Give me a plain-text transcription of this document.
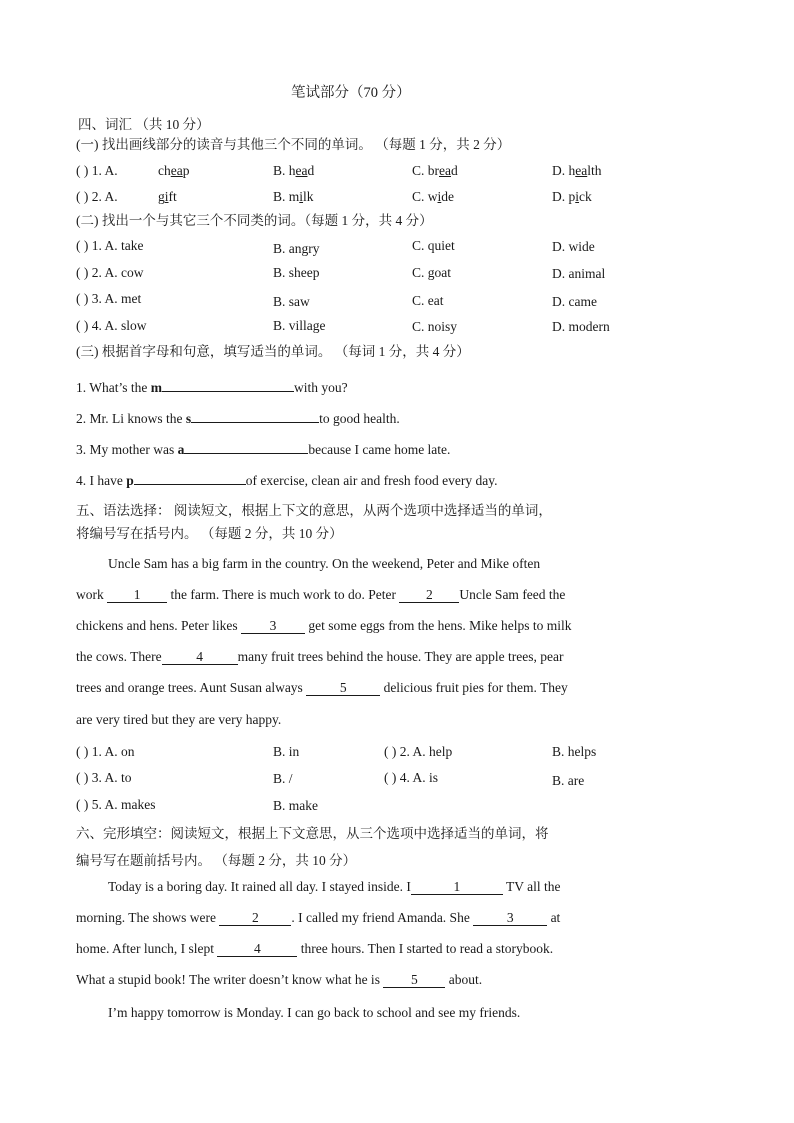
笔试部分（70 分）
四、词汇 （共 10 分）
(一) 找出画线部分的读音与其他三个不同的单词。 （每题 1 分，共 2 分）
( ) 1. A.	cheap	B. head	C. bread	D. health
( ) 2. A.	gift	B. milk	C. wide	D. pick
(二) 找出一个与其它三个不同类的词。（每题 1 分，共 4 分）
( ) 1. A. take	B. angry	C. quiet	D. wide
( ) 2. A. cow	B. sheep	C. goat	D. animal
( ) 3. A. met	B. saw	C. eat	D. came
( ) 4. A. slow	B. village	C. noisy	D. modern
(三) 根据首字母和句意，填写适当的单词。 （每词 1 分，共 4 分）
1. What’s the m	with you?
2. Mr. Li knows the s	to good health.
3. My mother was a	because I came home late.
4. I have p	of exercise, clean air and fresh food every day.
五、语法选择： 阅读短文，根据上下文的意思，从两个选项中选择适当的单词，
将编号写在括号内。 （每题 2 分，共 10 分）
Uncle Sam has a big farm in the country. On the weekend, Peter and Mike often
work 1 the farm. There is much work to do. Peter 2 Uncle Sam feed the
chickens and hens. Peter likes 3 get some eggs from the hens. Mike helps to milk
the cows. There	4	many fruit trees behind the house. They are apple trees, pear
trees and orange trees. Aunt Susan always 5 delicious fruit pies for them. They
are very tired but they are very happy.
( ) 1. A. on	B. in	( ) 2. A. help	B. helps
( ) 3. A. to	B. /	( ) 4. A. is	B. are
( ) 5. A. makes	B. make
六、完形填空：阅读短文，根据上下文意思，从三个选项中选择适当的单词，将
编号写在题前括号内。 （每题 2 分，共 10 分）
Today is a boring day. It rained all day. I stayed inside. I	1	TV all the
morning. The shows were 2 . I called my friend Amanda. She 3 at
home. After lunch, I slept	4	three hours. Then I started to read a storybook.
What a stupid book! The writer doesn’t know what he is 5 about.
I’m happy tomorrow is Monday. I can go back to school and see my friends.
